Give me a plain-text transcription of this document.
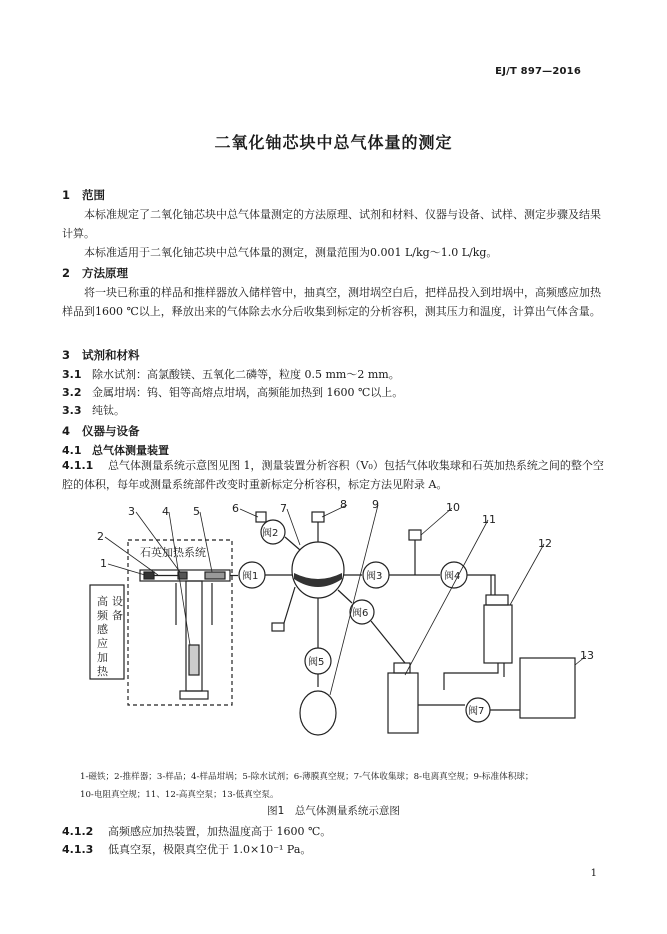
EJ/T 897—2016
二氧化铀芯块中总气体量的测定
1 范围
本标准规定了二氧化铀芯块中总气体量测定的方法原理、试剂和材料、仪器与设备、试样、测定步骤及结果计算。
本标准适用于二氧化铀芯块中总气体量的测定，测量范围为0.001 L/kg～1.0 L/kg。
2 方法原理
将一块已称重的样品和推样器放入储样管中，抽真空，测坩埚空白后，把样品投入到坩埚中，高频感应加热样品到1600 ℃以上，释放出来的气体除去水分后收集到标定的分析容积，测其压力和温度，计算出气体含量。
3 试剂和材料
3.1 除水试剂：高氯酸镁、五氧化二磷等，粒度 0.5 mm～2 mm。
3.2 金属坩埚：钨、钼等高熔点坩埚，高频能加热到 1600 ℃以上。
3.3 纯钛。
4 仪器与设备
4.1 总气体测量装置
4.1.1 总气体测量系统示意图见图 1，测量装置分析容积（V₀）包括气体收集球和石英加热系统之间的整个空腔的体积，每年或测量系统部件改变时重新标定分析容积，标定方法见附录 A。
石英加热系统
高
频
感
应
加
热
设
备
阀1
阀2
阀5
阀3	阀4
阀6
阀7
1
2
3 4 5	6	7	8 9	10
11
12
13
1-磁铁；2-推样器；3-样品；4-样品坩埚；5-除水试剂；6-薄膜真空规；7-气体收集球；8-电离真空规；9-标准体积球；
10-电阻真空规；11、12-高真空泵；13-低真空泵。
图1　总气体测量系统示意图
4.1.2 高频感应加热装置，加热温度高于 1600 ℃。
4.1.3 低真空泵，极限真空优于 1.0×10⁻¹ Pa。
1
